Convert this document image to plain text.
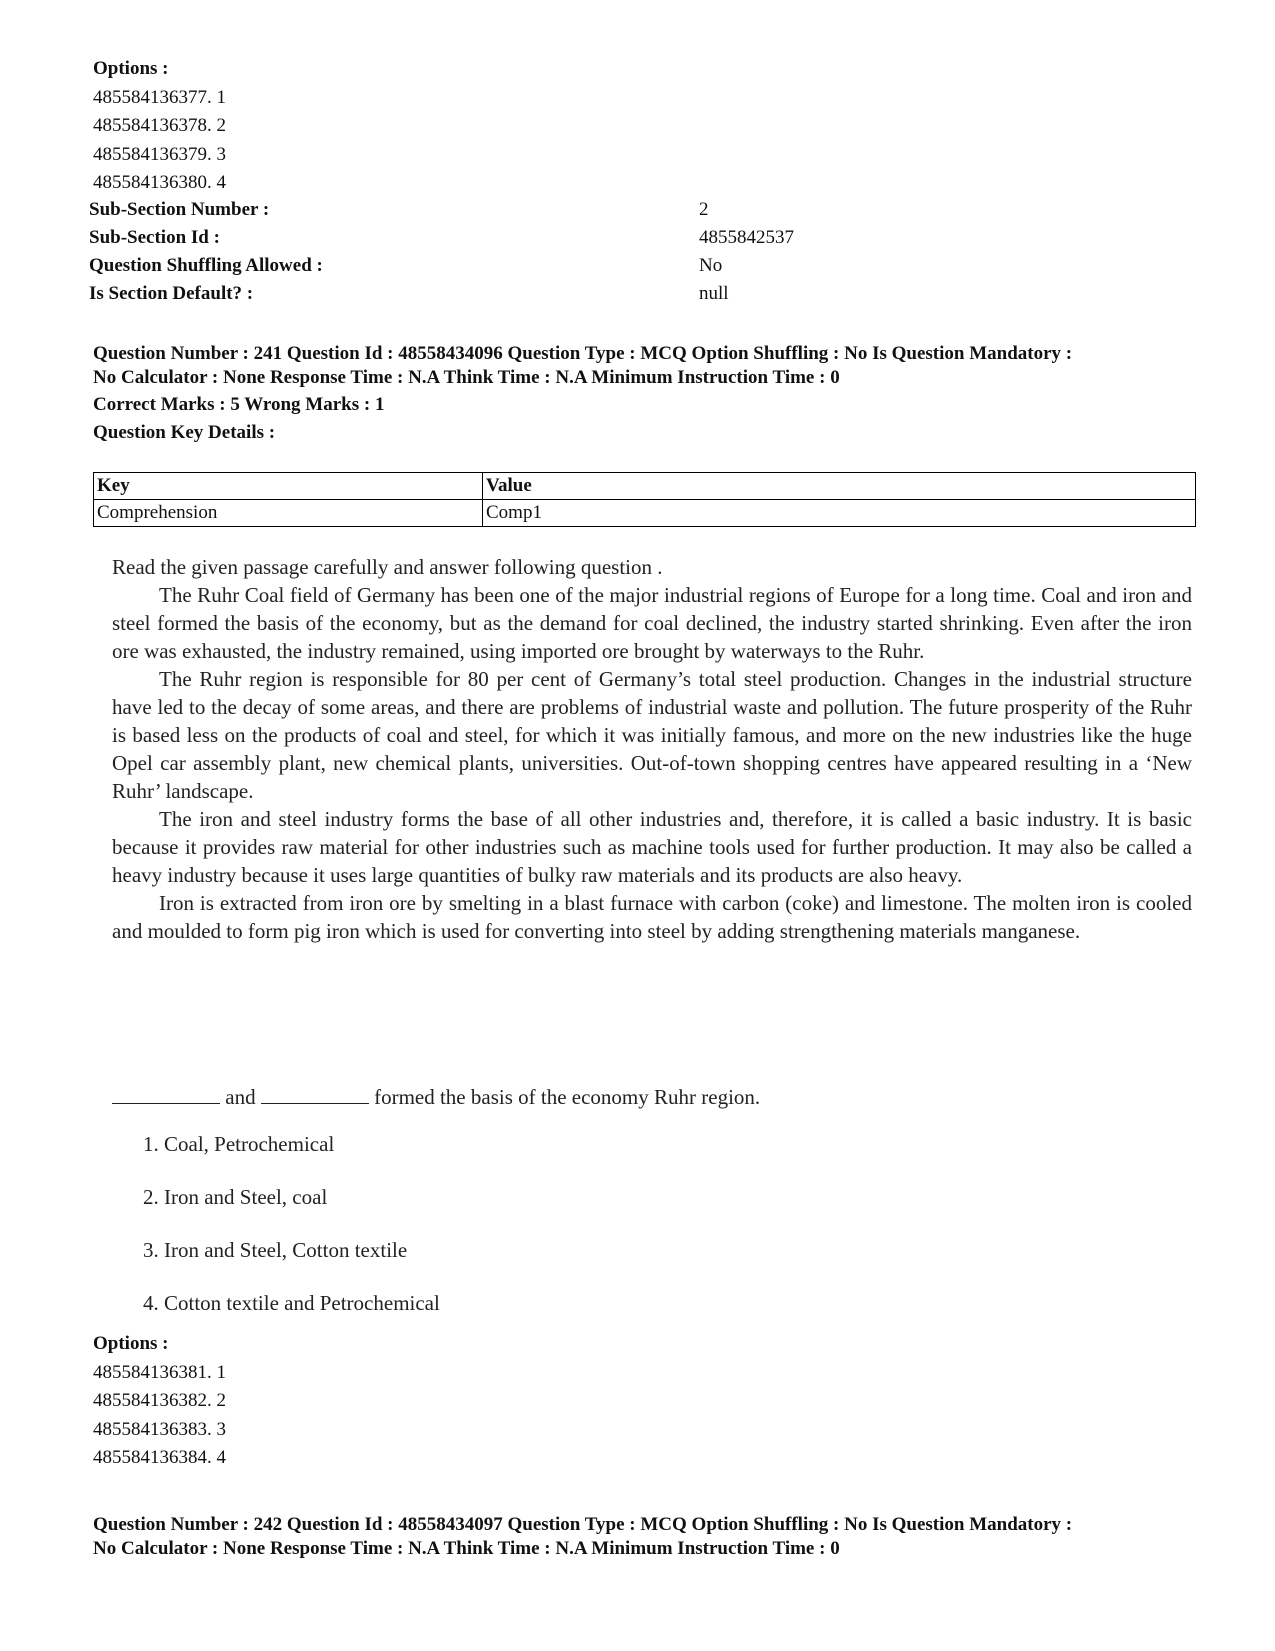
Options :
485584136377. 1
485584136378. 2
485584136379. 3
485584136380. 4
Sub-Section Number :	2
Sub-Section Id :	4855842537
Question Shuffling Allowed :	No
Is Section Default? :	null
Question Number : 241 Question Id : 48558434096 Question Type : MCQ Option Shuffling : No Is Question Mandatory :
No Calculator : None Response Time : N.A Think Time : N.A Minimum Instruction Time : 0
Correct Marks : 5 Wrong Marks : 1
Question Key Details :
Key	Value
Comprehension	Comp1

Read the given passage carefully and answer following question .

The Ruhr Coal field of Germany has been one of the major industrial regions of Europe for a long time. Coal and iron and steel formed the basis of the economy, but as the demand for coal declined, the industry started shrinking. Even after the iron ore was exhausted, the industry remained, using imported ore brought by waterways to the Ruhr.

The Ruhr region is responsible for 80 per cent of Germany’s total steel production. Changes in the industrial structure have led to the decay of some areas, and there are problems of industrial waste and pollution. The future prosperity of the Ruhr is based less on the products of coal and steel, for which it was initially famous, and more on the new industries like the huge Opel car assembly plant, new chemical plants, universities. Out-of-town shopping centres have appeared resulting in a ‘New Ruhr’ landscape.

The iron and steel industry forms the base of all other industries and, therefore, it is called a basic industry. It is basic because it provides raw material for other industries such as machine tools used for further production. It may also be called a heavy industry because it uses large quantities of bulky raw materials and its products are also heavy.

Iron is extracted from iron ore by smelting in a blast furnace with carbon (coke) and limestone. The molten iron is cooled and moulded to form pig iron which is used for converting into steel by adding strengthening materials manganese.

and	formed the basis of the economy Ruhr region.
1. Coal, Petrochemical
2. Iron and Steel, coal
3. Iron and Steel, Cotton textile
4. Cotton textile and Petrochemical
Options :
485584136381. 1
485584136382. 2
485584136383. 3
485584136384. 4
Question Number : 242 Question Id : 48558434097 Question Type : MCQ Option Shuffling : No Is Question Mandatory :
No Calculator : None Response Time : N.A Think Time : N.A Minimum Instruction Time : 0
